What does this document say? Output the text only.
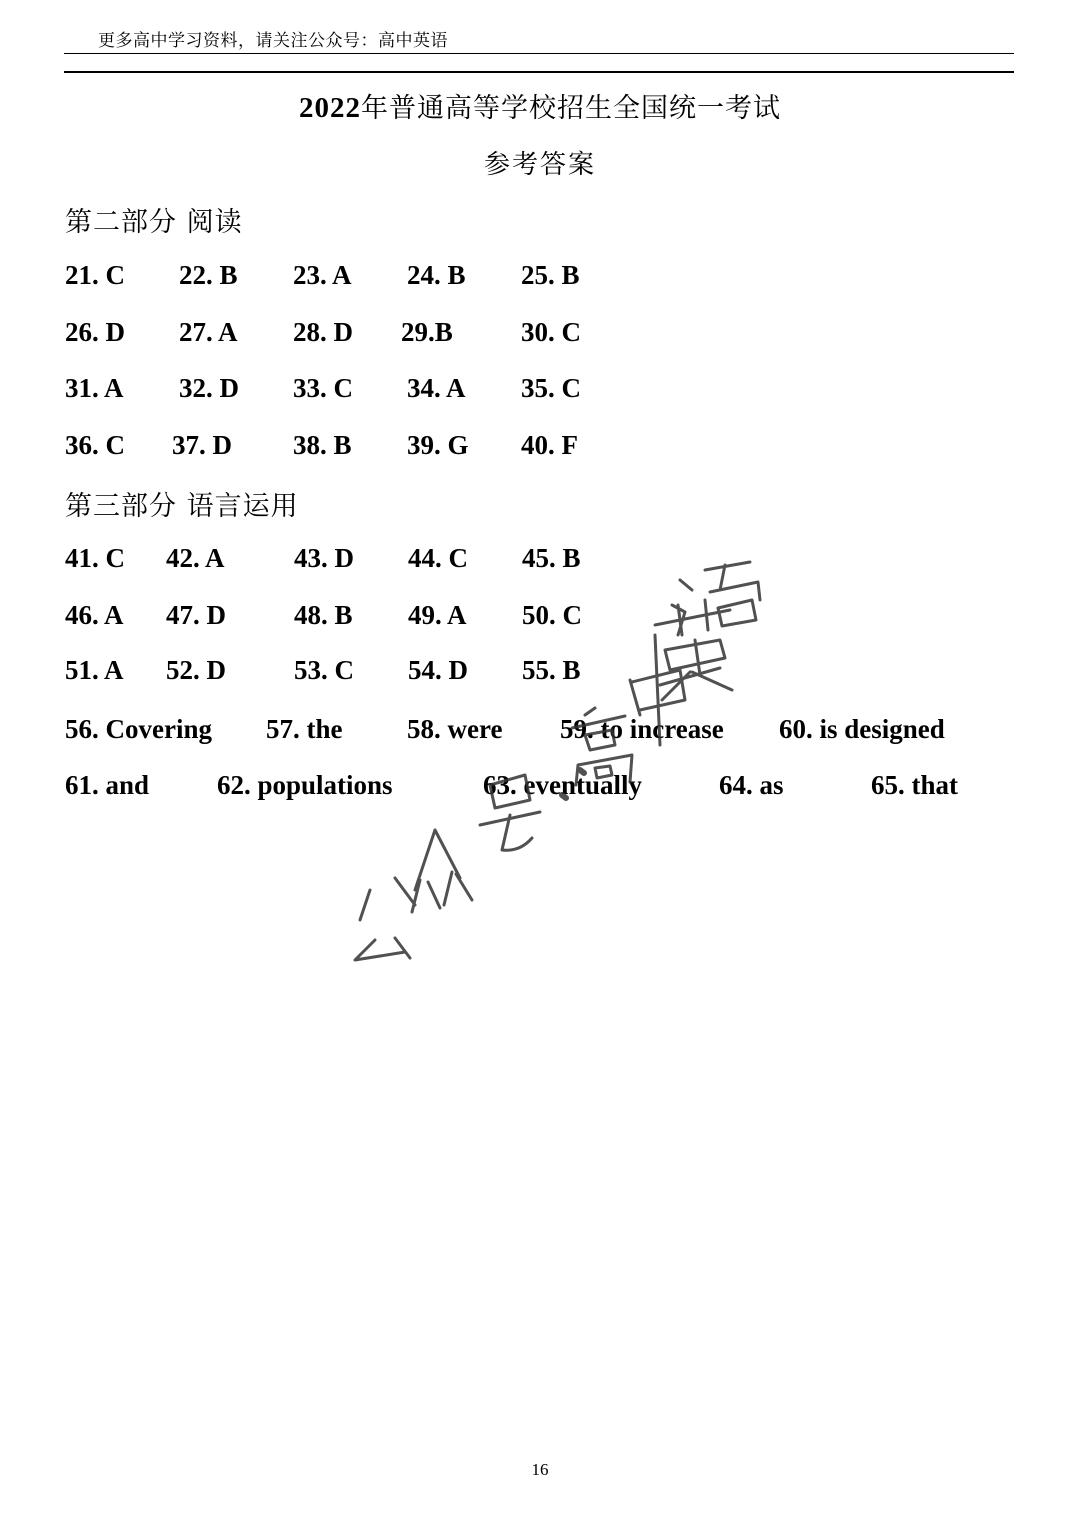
更多高中学习资料，请关注公众号：高中英语
2022年普通高等学校招生全国统一考试
参考答案
第二部分 阅读
21. C 22. B 23. A 24. B 25. B
26. D 27. A 28. D 29.B	30. C
31. A 32. D 33. C 34. A 35. C
36. C 37. D 38. B 39. G 40. F
第三部分 语言运用
41. C 42. A	43. D 44. C 45. B
46. A 47. D	48. B 49. A 50. C
51. A 52. D	53. C 54. D 55. B
56. Covering 57. the 58. were 59. to increase 60. is designed
61. and	62. populations	63. eventually	64. as	65. that
16
